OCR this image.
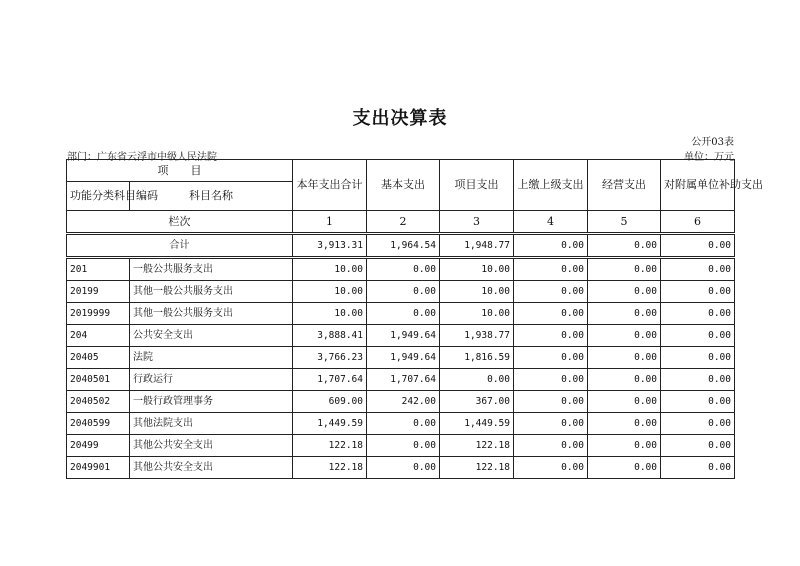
支出决算表
公开03表
部门：广东省云浮市中级人民法院	单位：万元
项　　目		本年支出合计	基本支出	项目支出	上缴上级支出	经营支出	对附属单位补助支出
功能分类科目编码	科目名称						
栏次		1	2	3	4	5	6
合计		3,913.31	1,964.54	1,948.77	0.00	0.00	0.00
201	一般公共服务支出	10.00	0.00	10.00	0.00	0.00	0.00
20199	其他一般公共服务支出	10.00	0.00	10.00	0.00	0.00	0.00
2019999	其他一般公共服务支出	10.00	0.00	10.00	0.00	0.00	0.00
204	公共安全支出	3,888.41	1,949.64	1,938.77	0.00	0.00	0.00
20405	法院	3,766.23	1,949.64	1,816.59	0.00	0.00	0.00
2040501	行政运行	1,707.64	1,707.64	0.00	0.00	0.00	0.00
2040502	一般行政管理事务	609.00	242.00	367.00	0.00	0.00	0.00
2040599	其他法院支出	1,449.59	0.00	1,449.59	0.00	0.00	0.00
20499	其他公共安全支出	122.18	0.00	122.18	0.00	0.00	0.00
2049901	其他公共安全支出	122.18	0.00	122.18	0.00	0.00	0.00
